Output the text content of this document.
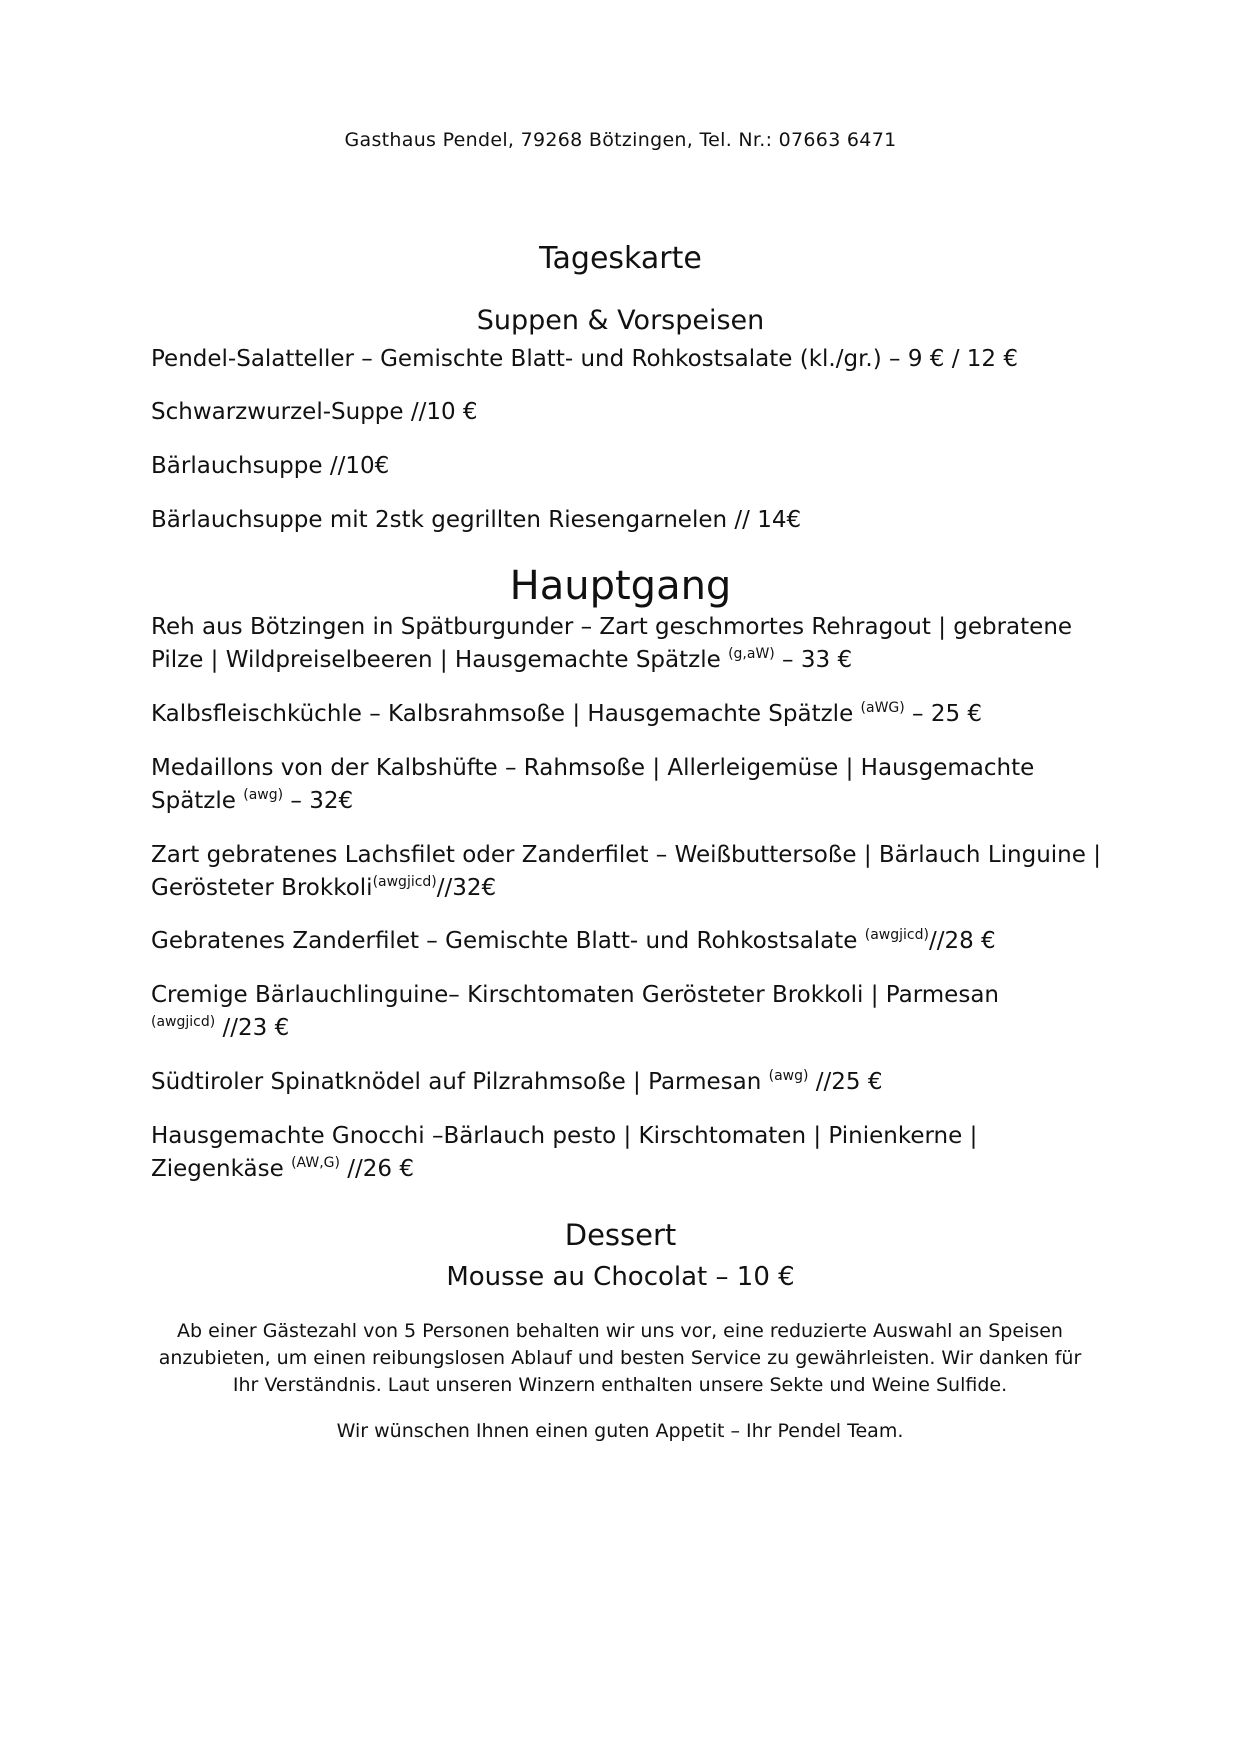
Gasthaus Pendel, 79268 Bötzingen, Tel. Nr.: 07663 6471
Tageskarte
Suppen & Vorspeisen
Pendel-Salatteller – Gemischte Blatt- und Rohkostsalate (kl./gr.) – 9 € / 12 €
Schwarzwurzel-Suppe //10 €
Bärlauchsuppe //10€
Bärlauchsuppe mit 2stk gegrillten Riesengarnelen // 14€
Hauptgang
Reh aus Bötzingen in Spätburgunder – Zart geschmortes Rehragout | gebratene Pilze | Wildpreiselbeeren | Hausgemachte Spätzle $^{(g,aW)}$ – 33 €
Kalbsfleischküchle – Kalbsrahmsoße | Hausgemachte Spätzle $^{(aWG)}$ – 25 €
Medaillons von der Kalbshüfte – Rahmsoße | Allerleigemüse | Hausgemachte Spätzle $^{(awg)}$ – 32€
Zart gebratenes Lachsfilet oder Zanderfilet – Weißbuttersoße | Bärlauch Linguine | Gerösteter Brokkoli$^{(awgjicd)}$//32€
Gebratenes Zanderfilet – Gemischte Blatt- und Rohkostsalate $^{(awgjicd)}$//28 €
Cremige Bärlauchlinguine– Kirschtomaten Gerösteter Brokkoli | Parmesan
$^{(awgjicd)}$ //23 €
Südtiroler Spinatknödel auf Pilzrahmsoße | Parmesan $^{(awg)}$ //25 €
Hausgemachte Gnocchi –Bärlauch pesto | Kirschtomaten | Pinienkerne | Ziegenkäse $^{(AW,G)}$ //26 €
Dessert
Mousse au Chocolat – 10 €
Ab einer Gästezahl von 5 Personen behalten wir uns vor, eine reduzierte Auswahl an Speisen anzubieten, um einen reibungslosen Ablauf und besten Service zu gewährleisten. Wir danken für Ihr Verständnis. Laut unseren Winzern enthalten unsere Sekte und Weine Sulfide.
Wir wünschen Ihnen einen guten Appetit – Ihr Pendel Team.
